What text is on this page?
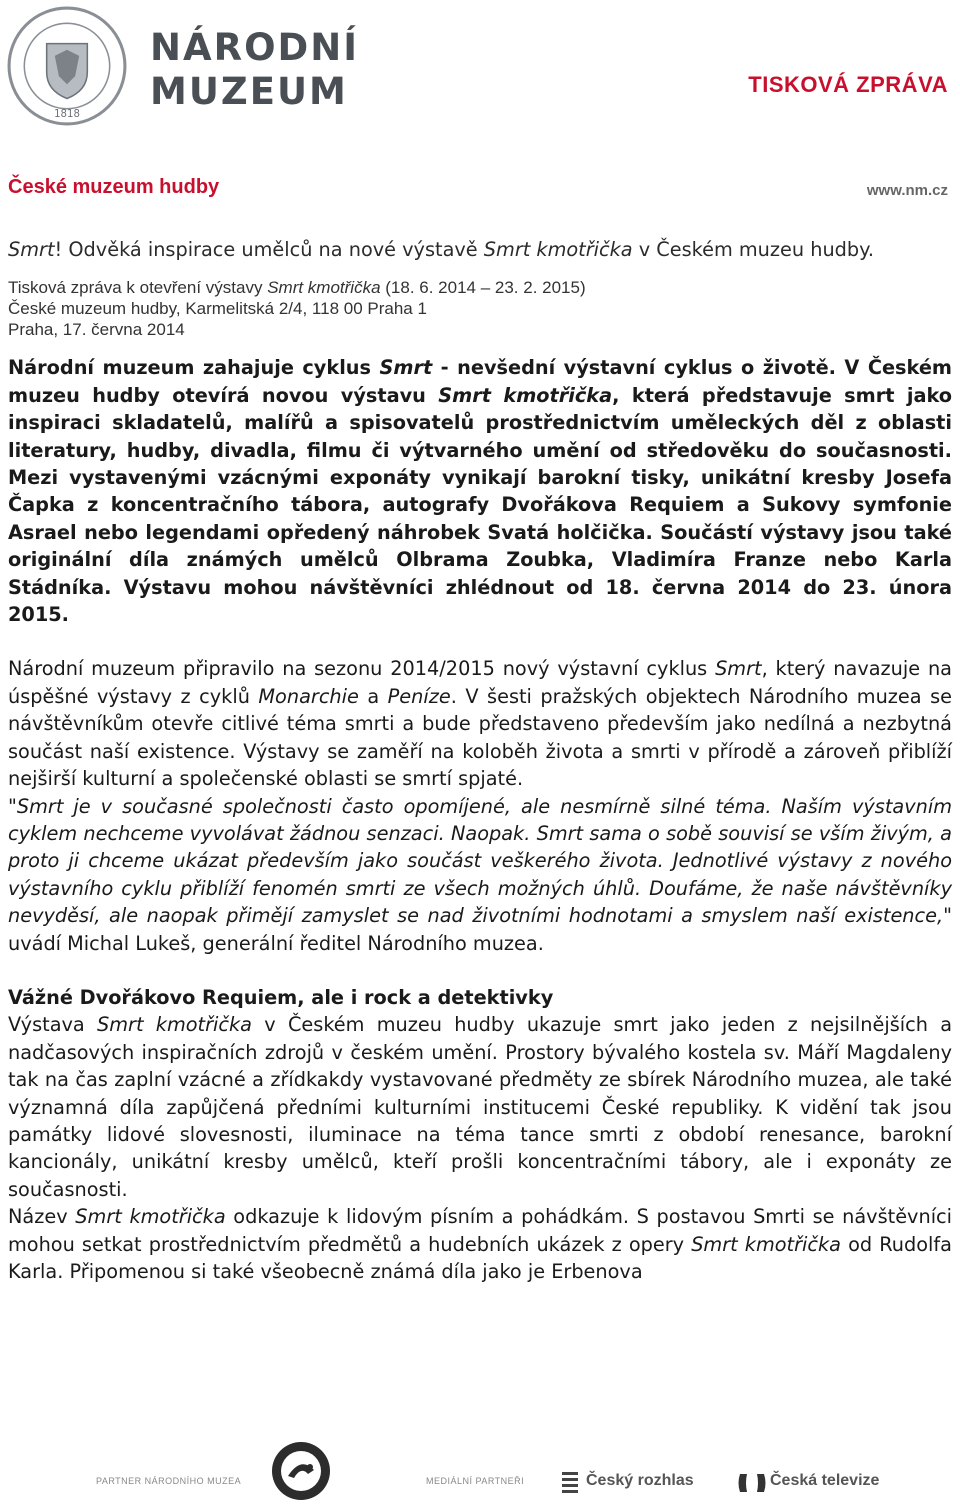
1818
NÁRODNÍ
MUZEUM	TISKOVÁ ZPRÁVA
České muzeum hudby	www.nm.cz

Smrt! Odvěká inspirace umělců na nové výstavě Smrt kmotřička v Českém muzeu hudby.

Tisková zpráva k otevření výstavy Smrt kmotřička (18. 6. 2014 – 23. 2. 2015)

České muzeum hudby, Karmelitská 2/4, 118 00 Praha 1

Praha, 17. června 2014

Národní muzeum zahajuje cyklus Smrt - nevšední výstavní cyklus o životě. V Českém muzeu hudby otevírá novou výstavu Smrt kmotřička, která představuje smrt jako inspiraci skladatelů, malířů a spisovatelů prostřednictvím uměleckých děl z oblasti literatury, hudby, divadla, filmu či výtvarného umění od středověku do současnosti. Mezi vystavenými vzácnými exponáty vynikají barokní tisky, unikátní kresby Josefa Čapka z koncentračního tábora, autografy Dvořákova Requiem a Sukovy symfonie Asrael nebo legendami opředený náhrobek Svatá holčička. Součástí výstavy jsou také originální díla známých umělců Olbrama Zoubka, Vladimíra Franze nebo Karla Stádníka. Výstavu mohou návštěvníci zhlédnout od 18. června 2014 do 23. února 2015.

Národní muzeum připravilo na sezonu 2014/2015 nový výstavní cyklus Smrt, který navazuje na úspěšné výstavy z cyklů Monarchie a Peníze. V šesti pražských objektech Národního muzea se návštěvníkům otevře citlivé téma smrti a bude představeno především jako nedílná a nezbytná součást naší existence. Výstavy se zaměří na koloběh života a smrti v přírodě a zároveň přiblíží nejširší kulturní a společenské oblasti se smrtí spjaté.

"Smrt je v současné společnosti často opomíjené, ale nesmírně silné téma. Naším výstavním cyklem nechceme vyvolávat žádnou senzaci. Naopak. Smrt sama o sobě souvisí se vším živým, a proto ji chceme ukázat především jako součást veškerého života. Jednotlivé výstavy z nového výstavního cyklu přiblíží fenomén smrti ze všech možných úhlů. Doufáme, že naše návštěvníky nevyděsí, ale naopak přimějí zamyslet se nad životními hodnotami a smyslem naší existence," uvádí Michal Lukeš, generální ředitel Národního muzea.

Vážné Dvořákovo Requiem, ale i rock a detektivky

Výstava Smrt kmotřička v Českém muzeu hudby ukazuje smrt jako jeden z nejsilnějších a nadčasových inspiračních zdrojů v českém umění. Prostory bývalého kostela sv. Máří Magdaleny tak na čas zaplní vzácné a zřídkakdy vystavované předměty ze sbírek Národního muzea, ale také významná díla zapůjčená předními kulturními institucemi České republiky. K vidění tak jsou památky lidové slovesnosti, iluminace na téma tance smrti z období renesance, barokní kancionály, unikátní kresby umělců, kteří prošli koncentračními tábory, ale i exponáty ze současnosti.

Název Smrt kmotřička odkazuje k lidovým písním a pohádkám. S postavou Smrti se návštěvníci mohou setkat prostřednictvím předmětů a hudebních ukázek z opery Smrt kmotřička od Rudolfa Karla. Připomenou si také všeobecně známá díla jako je Erbenova

PARTNER NÁRODNÍHO MUZEA	MEDIÁLNÍ PARTNEŘI	Český rozhlas	Česká televize
